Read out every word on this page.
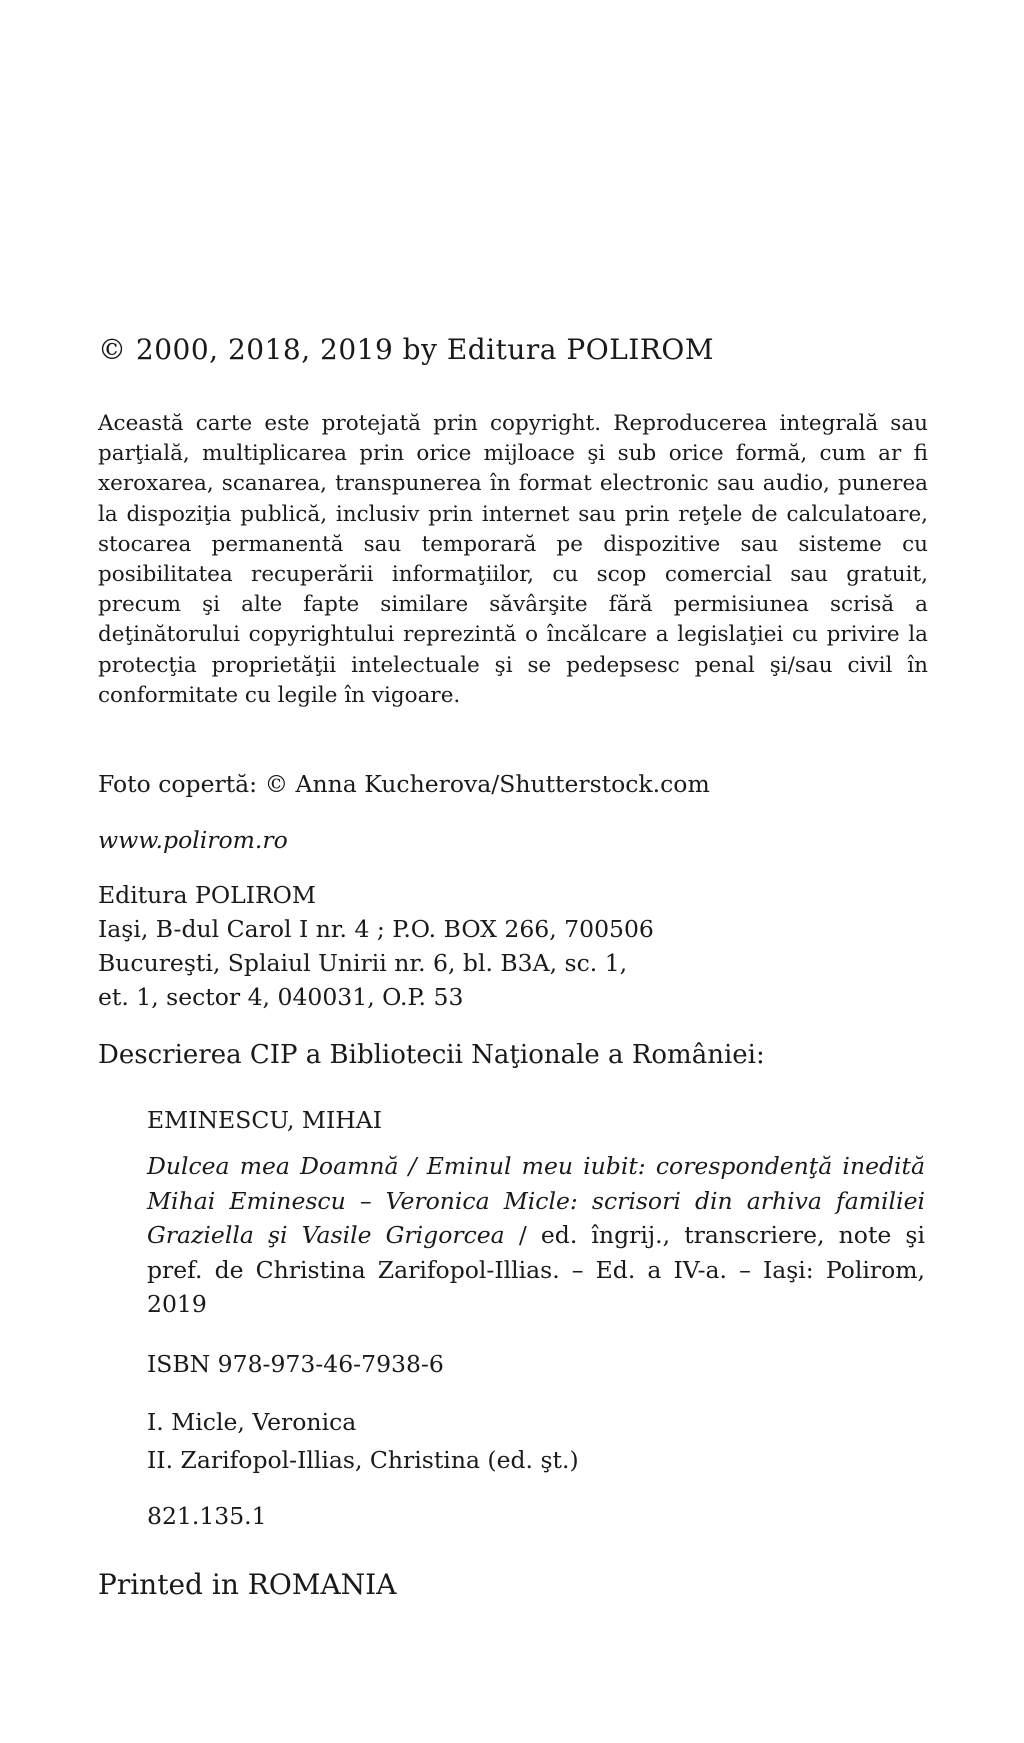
© 2000, 2018, 2019 by Editura POLIROM
Această carte este protejată prin copyright. Reproducerea integrală sau parţială, multiplicarea prin orice mijloace şi sub orice formă, cum ar fi xeroxarea, scanarea, transpunerea în format electronic sau audio, punerea la dispoziţia publică, inclusiv prin internet sau prin reţele de calculatoare, stocarea permanentă sau temporară pe dispozitive sau sisteme cu posibilitatea recuperării informaţiilor, cu scop comercial sau gratuit, precum şi alte fapte similare săvârşite fără permisiunea scrisă a deţinătorului copyrightului reprezintă o încălcare a legislaţiei cu privire la protecţia proprietăţii intelectuale şi se pedepsesc penal şi/sau civil în conformitate cu legile în vigoare.
Foto copertă: © Anna Kucherova/Shutterstock.com
www.polirom.ro
Editura POLIROM
Iaşi, B-dul Carol I nr. 4 ; P.O. BOX 266, 700506
Bucureşti, Splaiul Unirii nr. 6, bl. B3A, sc. 1,
et. 1, sector 4, 040031, O.P. 53
Descrierea CIP a Bibliotecii Naţionale a României:
EMINESCU, MIHAI
Dulcea mea Doamnă / Eminul meu iubit: corespondenţă inedită Mihai Eminescu – Veronica Micle: scrisori din arhiva familiei Graziella şi Vasile Grigorcea / ed. îngrij., transcriere, note şi pref. de Christina Zarifopol-Illias. – Ed. a IV-a. – Iaşi: Polirom, 2019
ISBN 978-973-46-7938-6
I. Micle, Veronica
II. Zarifopol-Illias, Christina (ed. şt.)
821.135.1
Printed in ROMANIA
